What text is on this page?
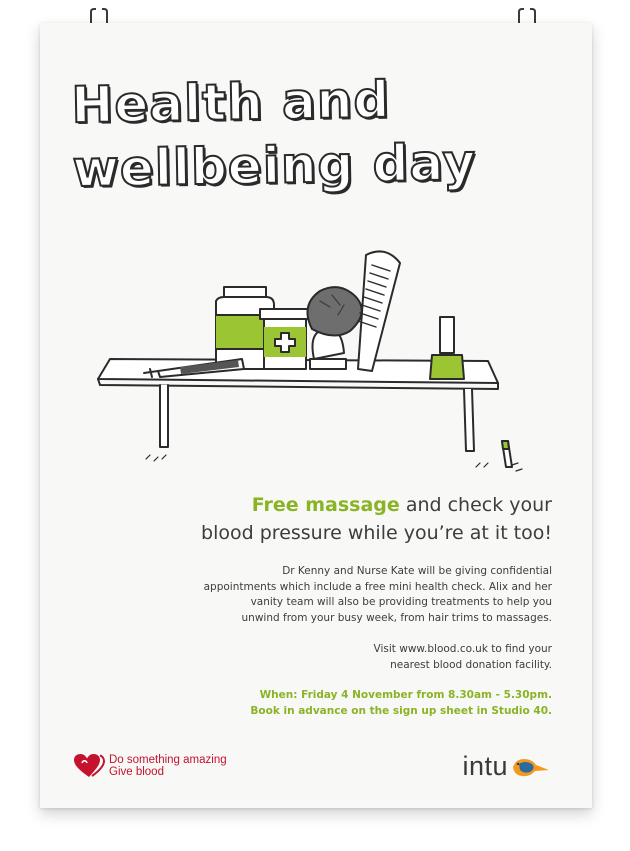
Health and
wellbeing day
Free massage and check your
blood pressure while you’re at it too!

Dr Kenny and Nurse Kate will be giving confidential
appointments which include a free mini health check. Alix and her
vanity team will also be providing treatments to help you
unwind from your busy week, from hair trims to massages.

Visit www.blood.co.uk to find your
nearest blood donation facility.

When: Friday 4 November from 8.30am - 5.30pm.
Book in advance on the sign up sheet in Studio 40.

Do something amazing
Give blood	intu
